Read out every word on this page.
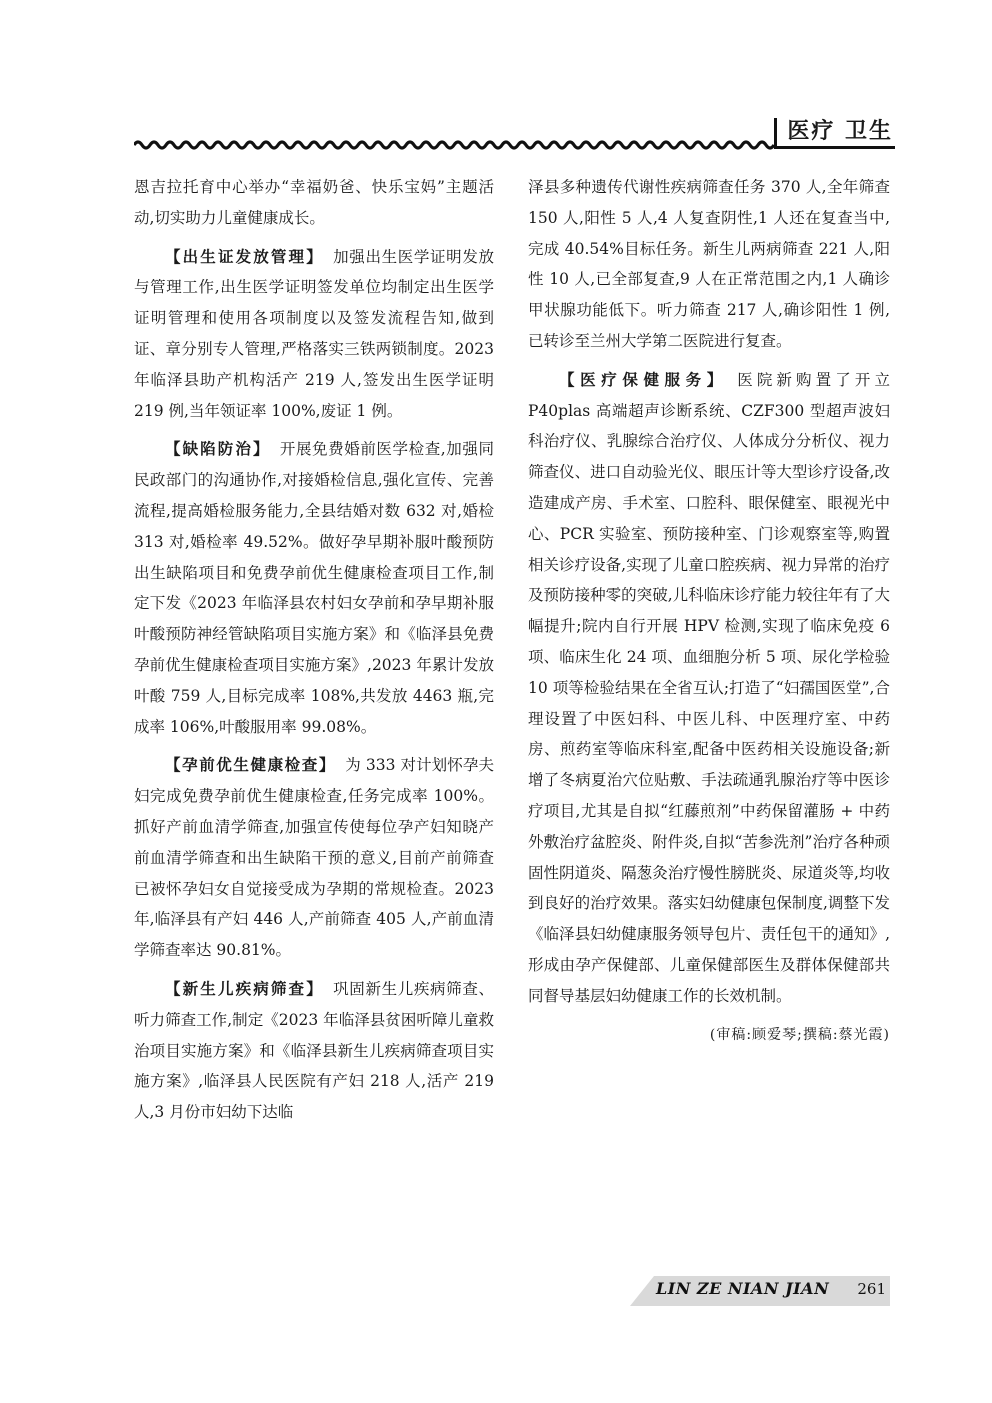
医疗 卫生

恩吉拉托育中心举办“幸福奶爸、快乐宝妈”主题活动,切实助力儿童健康成长。

【出生证发放管理】 加强出生医学证明发放与管理工作,出生医学证明签发单位均制定出生医学证明管理和使用各项制度以及签发流程告知,做到证、章分别专人管理,严格落实三铁两锁制度。2023 年临泽县助产机构活产 219 人,签发出生医学证明 219 例,当年领证率 100%,废证 1 例。

【缺陷防治】 开展免费婚前医学检查,加强同民政部门的沟通协作,对接婚检信息,强化宣传、完善流程,提高婚检服务能力,全县结婚对数 632 对,婚检 313 对,婚检率 49.52%。做好孕早期补服叶酸预防出生缺陷项目和免费孕前优生健康检查项目工作,制定下发《2023 年临泽县农村妇女孕前和孕早期补服叶酸预防神经管缺陷项目实施方案》和《临泽县免费孕前优生健康检查项目实施方案》,2023 年累计发放叶酸 759 人,目标完成率 108%,共发放 4463 瓶,完成率 106%,叶酸服用率 99.08%。

【孕前优生健康检查】 为 333 对计划怀孕夫妇完成免费孕前优生健康检查,任务完成率 100%。抓好产前血清学筛查,加强宣传使每位孕产妇知晓产前血清学筛查和出生缺陷干预的意义,目前产前筛查已被怀孕妇女自觉接受成为孕期的常规检查。2023 年,临泽县有产妇 446 人,产前筛查 405 人,产前血清学筛查率达 90.81%。

【新生儿疾病筛查】 巩固新生儿疾病筛查、听力筛查工作,制定《2023 年临泽县贫困听障儿童救治项目实施方案》和《临泽县新生儿疾病筛查项目实施方案》,临泽县人民医院有产妇 218 人,活产 219 人,3 月份市妇幼下达临

泽县多种遗传代谢性疾病筛查任务 370 人,全年筛查 150 人,阳性 5 人,4 人复查阴性,1 人还在复查当中,完成 40.54%目标任务。新生儿两病筛查 221 人,阳性 10 人,已全部复查,9 人在正常范围之内,1 人确诊甲状腺功能低下。听力筛查 217 人,确诊阳性 1 例,已转诊至兰州大学第二医院进行复查。

【医疗保健服务】 医院新购置了开立 P40plas 高端超声诊断系统、CZF300 型超声波妇科治疗仪、乳腺综合治疗仪、人体成分分析仪、视力筛查仪、进口自动验光仪、眼压计等大型诊疗设备,改造建成产房、手术室、口腔科、眼保健室、眼视光中心、PCR 实验室、预防接种室、门诊观察室等,购置相关诊疗设备,实现了儿童口腔疾病、视力异常的治疗及预防接种零的突破,儿科临床诊疗能力较往年有了大幅提升;院内自行开展 HPV 检测,实现了临床免疫 6 项、临床生化 24 项、血细胞分析 5 项、尿化学检验 10 项等检验结果在全省互认;打造了“妇孺国医堂”,合理设置了中医妇科、中医儿科、中医理疗室、中药房、煎药室等临床科室,配备中医药相关设施设备;新增了冬病夏治穴位贴敷、手法疏通乳腺治疗等中医诊疗项目,尤其是自拟“红藤煎剂”中药保留灌肠 + 中药外敷治疗盆腔炎、附件炎,自拟“苦参洗剂”治疗各种顽固性阴道炎、隔葱灸治疗慢性膀胱炎、尿道炎等,均收到良好的治疗效果。落实妇幼健康包保制度,调整下发《临泽县妇幼健康服务领导包片、责任包干的通知》,形成由孕产保健部、儿童保健部医生及群体保健部共同督导基层妇幼健康工作的长效机制。

(审稿:顾爱琴;撰稿:蔡光霞)

LIN ZE NIAN JIAN 261
